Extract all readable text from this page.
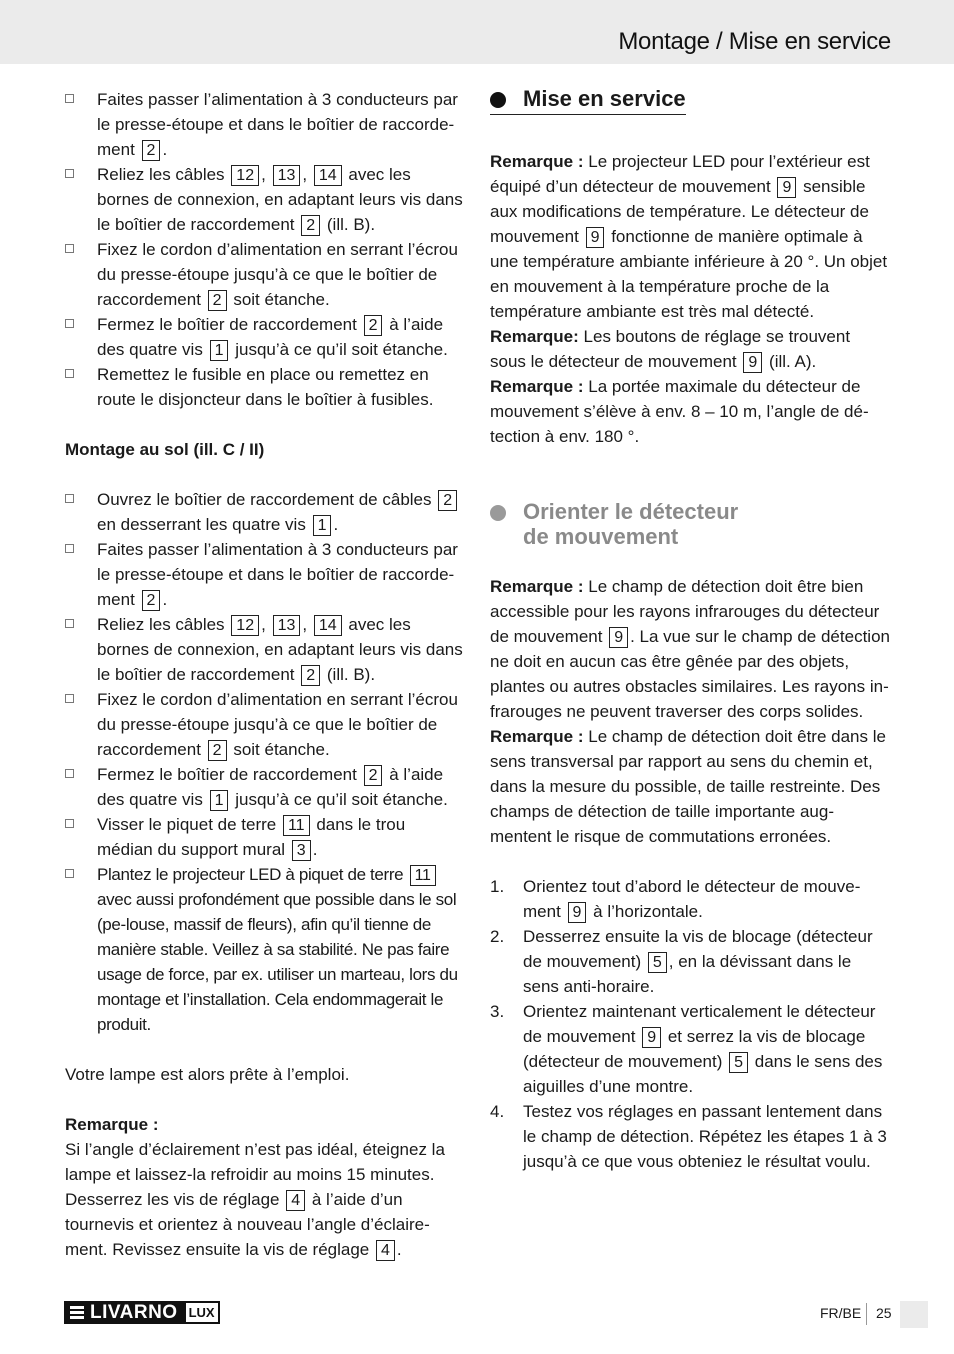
Montage / Mise en service
Faites passer l’alimentation à 3 conducteurs par le presse-étoupe et dans le boîtier de raccorde-ment 2 .
Reliez les câbles 12 , 13 , 14 avec les bornes de connexion, en adaptant leurs vis dans le boîtier de raccordement 2 (ill. B).
Fixez le cordon d’alimentation en serrant l’écrou du presse-étoupe jusqu’à ce que le boîtier de raccordement 2 soit étanche.
Fermez le boîtier de raccordement 2 à l’aide des quatre vis 1 jusqu’à ce qu’il soit étanche.
Remettez le fusible en place ou remettez en route le disjoncteur dans le boîtier à fusibles.
Montage au sol (ill. C / II)
Ouvrez le boîtier de raccordement de câbles 2 en desserrant les quatre vis 1 .
Faites passer l’alimentation à 3 conducteurs par le presse-étoupe et dans le boîtier de raccorde-ment 2 .
Reliez les câbles 12 , 13 , 14 avec les bornes de connexion, en adaptant leurs vis dans le boîtier de raccordement 2 (ill. B).
Fixez le cordon d’alimentation en serrant l’écrou du presse-étoupe jusqu’à ce que le boîtier de raccordement 2 soit étanche.
Fermez le boîtier de raccordement 2 à l’aide des quatre vis 1 jusqu’à ce qu’il soit étanche.
Visser le piquet de terre 11 dans le trou médian du support mural 3 .
Plantez le projecteur LED à piquet de terre 11 avec aussi profondément que possible dans le sol (pe-louse, massif de fleurs), afin qu’il tienne de manière stable. Veillez à sa stabilité. Ne pas faire usage de force, par ex. utiliser un marteau, lors du montage et l’installation. Cela endommagerait le produit.
Votre lampe est alors prête à l’emploi.
Remarque :
Si l’angle d’éclairement n’est pas idéal, éteignez la lampe et laissez-la refroidir au moins 15 minutes. Desserrez les vis de réglage 4 à l’aide d’un tournevis et orientez à nouveau l’angle d’éclaire-ment. Revissez ensuite la vis de réglage 4 .
Mise en service
Remarque : Le projecteur LED pour l’extérieur est équipé d’un détecteur de mouvement 9 sensible aux modifications de température. Le détecteur de mouvement 9 fonctionne de manière optimale à une température ambiante inférieure à 20 °. Un objet en mouvement à la température proche de la température ambiante est très mal détecté.
Remarque: Les boutons de réglage se trouvent sous le détecteur de mouvement 9 (ill. A).
Remarque : La portée maximale du détecteur de mouvement s’élève à env. 8 – 10 m, l’angle de dé-tection à env. 180 °.
Orienter le détecteur
de mouvement
Remarque : Le champ de détection doit être bien accessible pour les rayons infrarouges du détecteur de mouvement 9 . La vue sur le champ de détection ne doit en aucun cas être gênée par des objets, plantes ou autres obstacles similaires. Les rayons in-frarouges ne peuvent traverser des corps solides.
Remarque : Le champ de détection doit être dans le sens transversal par rapport au sens du chemin et, dans la mesure du possible, de taille restreinte. Des champs de détection de taille importante aug-mentent le risque de commutations erronées.
1. Orientez tout d’abord le détecteur de mouve-ment 9 à l’horizontale.
2. Desserrez ensuite la vis de blocage (détecteur de mouvement) 5 , en la dévissant dans le sens anti-horaire.
3. Orientez maintenant verticalement le détecteur de mouvement 9 et serrez la vis de blocage (détecteur de mouvement) 5 dans le sens des aiguilles d’une montre.
4. Testez vos réglages en passant lentement dans le champ de détection. Répétez les étapes 1 à 3 jusqu’à ce que vous obteniez le résultat voulu.
LIVARNO LUX	FR/BE 25
